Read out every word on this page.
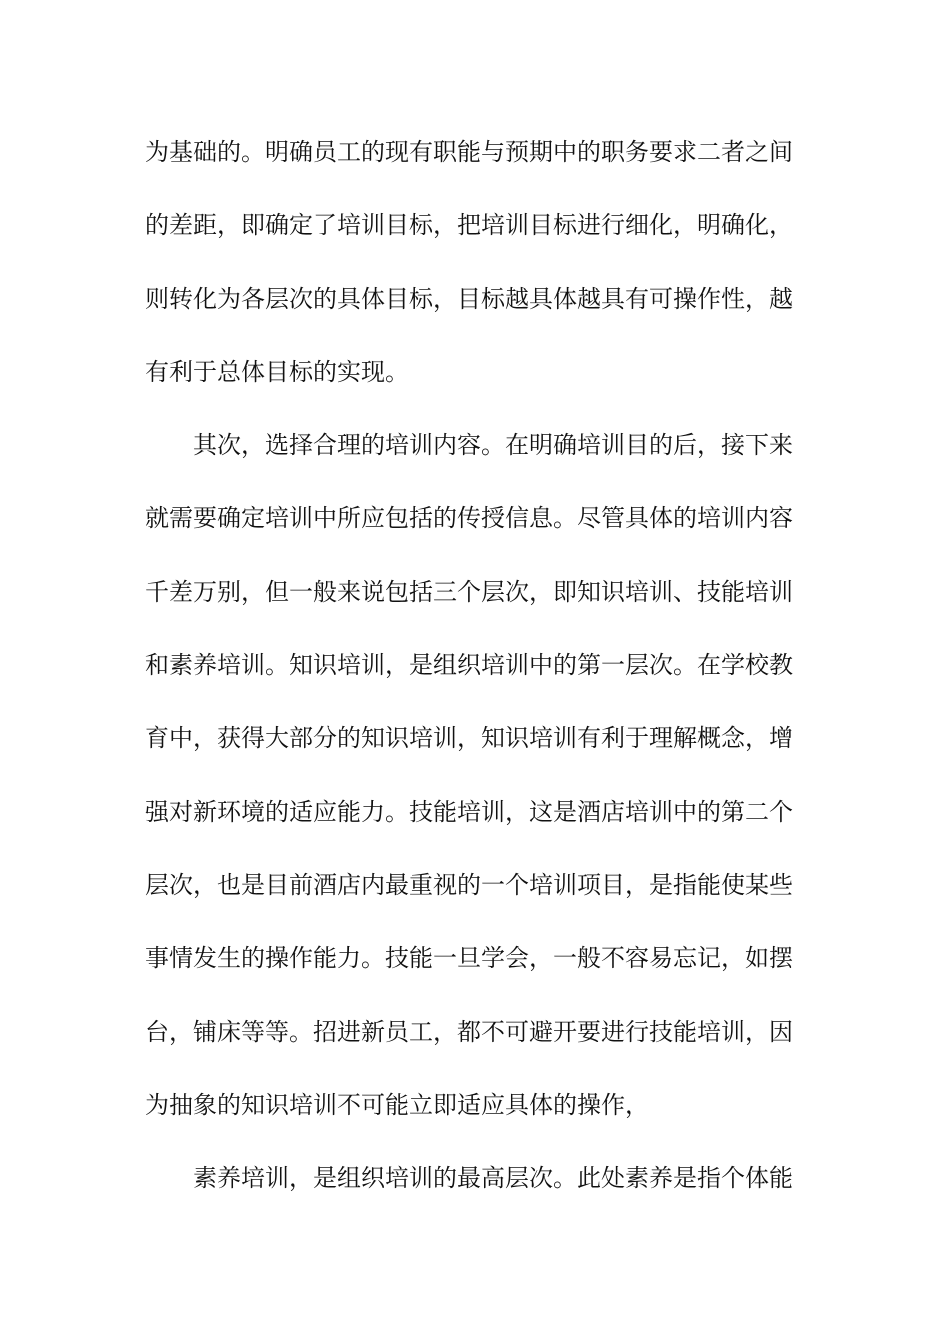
为基础的。明确员工的现有职能与预期中的职务要求二者之间
的差距，即确定了培训目标，把培训目标进行细化，明确化，
则转化为各层次的具体目标，目标越具体越具有可操作性，越
有利于总体目标的实现。
其次，选择合理的培训内容。在明确培训目的后，接下来
就需要确定培训中所应包括的传授信息。尽管具体的培训内容
千差万别，但一般来说包括三个层次，即知识培训、技能培训
和素养培训。知识培训，是组织培训中的第一层次。在学校教
育中，获得大部分的知识培训，知识培训有利于理解概念，增
强对新环境的适应能力。技能培训，这是酒店培训中的第二个
层次，也是目前酒店内最重视的一个培训项目，是指能使某些
事情发生的操作能力。技能一旦学会，一般不容易忘记，如摆
台，铺床等等。招进新员工，都不可避开要进行技能培训，因
为抽象的知识培训不可能立即适应具体的操作，
素养培训，是组织培训的最高层次。此处素养是指个体能
